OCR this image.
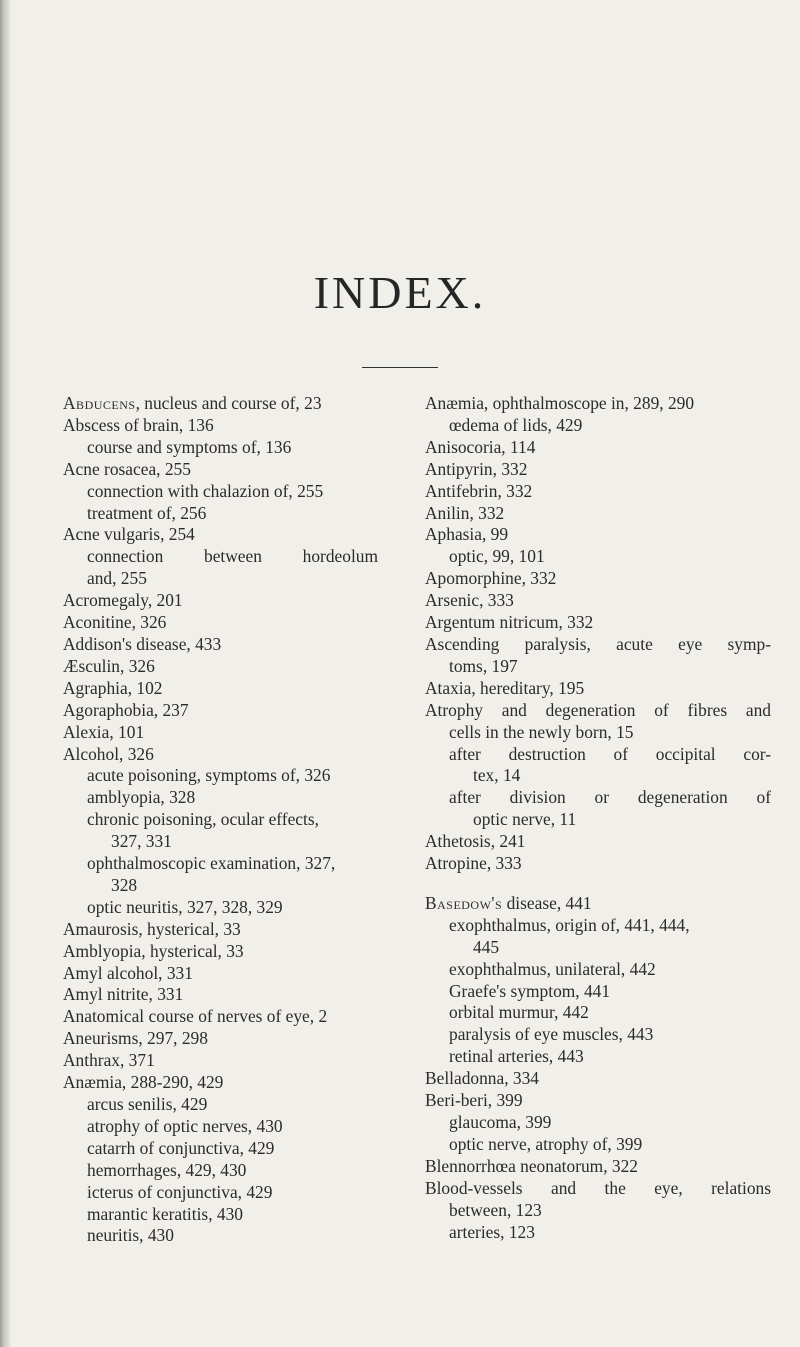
INDEX.
Abducens, nucleus and course of, 23
Abscess of brain, 136
course and symptoms of, 136
Acne rosacea, 255
connection with chalazion of, 255
treatment of, 256
Acne vulgaris, 254
connection between hordeolum
and, 255
Acromegaly, 201
Aconitine, 326
Addison's disease, 433
Æsculin, 326
Agraphia, 102
Agoraphobia, 237
Alexia, 101
Alcohol, 326
acute poisoning, symptoms of, 326
amblyopia, 328
chronic poisoning, ocular effects,
327, 331
ophthalmoscopic examination, 327,
328
optic neuritis, 327, 328, 329
Amaurosis, hysterical, 33
Amblyopia, hysterical, 33
Amyl alcohol, 331
Amyl nitrite, 331
Anatomical course of nerves of eye, 2
Aneurisms, 297, 298
Anthrax, 371
Anæmia, 288-290, 429
arcus senilis, 429
atrophy of optic nerves, 430
catarrh of conjunctiva, 429
hemorrhages, 429, 430
icterus of conjunctiva, 429
marantic keratitis, 430
neuritis, 430
Anæmia, ophthalmoscope in, 289, 290
œdema of lids, 429
Anisocoria, 114
Antipyrin, 332
Antifebrin, 332
Anilin, 332
Aphasia, 99
optic, 99, 101
Apomorphine, 332
Arsenic, 333
Argentum nitricum, 332
Ascending paralysis, acute eye symp-
toms, 197
Ataxia, hereditary, 195
Atrophy and degeneration of fibres and
cells in the newly born, 15
after destruction of occipital cor-
tex, 14
after division or degeneration of
optic nerve, 11
Athetosis, 241
Atropine, 333
Basedow's disease, 441
exophthalmus, origin of, 441, 444,
445
exophthalmus, unilateral, 442
Graefe's symptom, 441
orbital murmur, 442
paralysis of eye muscles, 443
retinal arteries, 443
Belladonna, 334
Beri-beri, 399
glaucoma, 399
optic nerve, atrophy of, 399
Blennorrhœa neonatorum, 322
Blood-vessels and the eye, relations
between, 123
arteries, 123
